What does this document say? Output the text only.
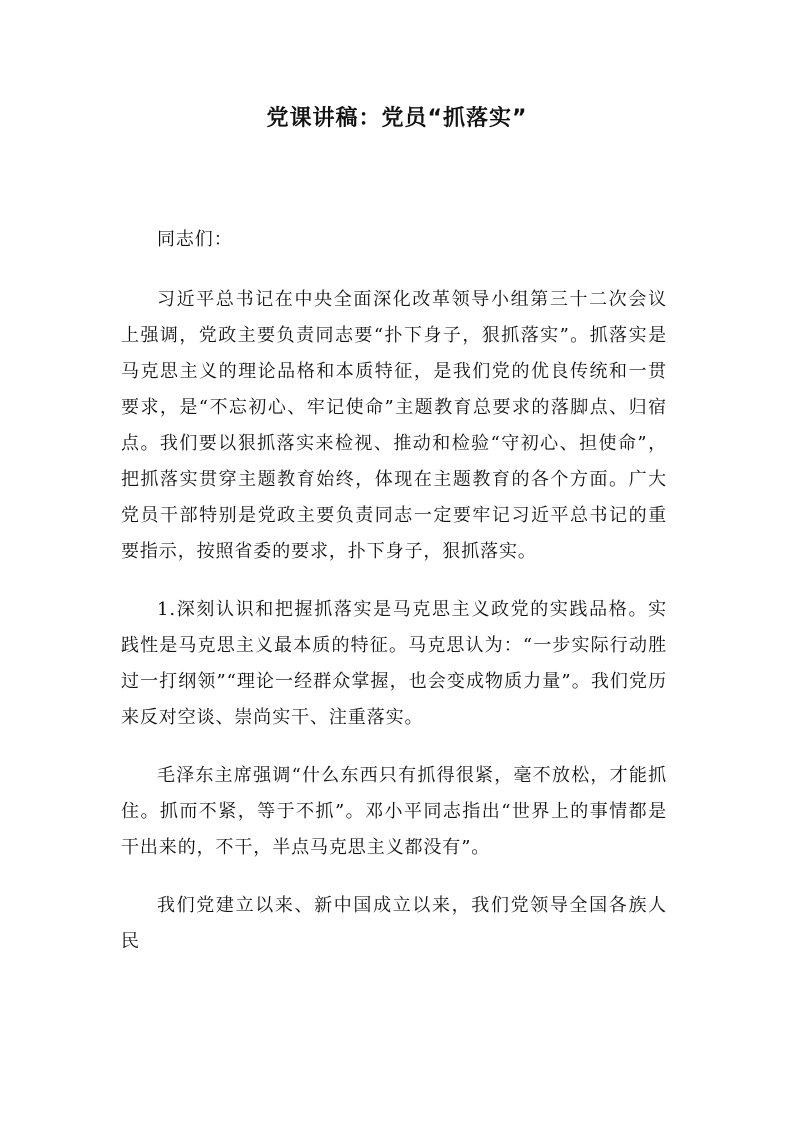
党课讲稿：党员“抓落实”

同志们：

习近平总书记在中央全面深化改革领导小组第三十二次会议上强调，党政主要负责同志要“扑下身子，狠抓落实”。抓落实是马克思主义的理论品格和本质特征，是我们党的优良传统和一贯要求，是“不忘初心、牢记使命”主题教育总要求的落脚点、归宿点。我们要以狠抓落实来检视、推动和检验“守初心、担使命”，把抓落实贯穿主题教育始终，体现在主题教育的各个方面。广大党员干部特别是党政主要负责同志一定要牢记习近平总书记的重要指示，按照省委的要求，扑下身子，狠抓落实。

1.深刻认识和把握抓落实是马克思主义政党的实践品格。实践性是马克思主义最本质的特征。马克思认为：“一步实际行动胜过一打纲领”“理论一经群众掌握，也会变成物质力量”。我们党历来反对空谈、崇尚实干、注重落实。

毛泽东主席强调“什么东西只有抓得很紧，毫不放松，才能抓住。抓而不紧，等于不抓”。邓小平同志指出“世界上的事情都是干出来的，不干，半点马克思主义都没有”。

我们党建立以来、新中国成立以来，我们党领导全国各族人民
